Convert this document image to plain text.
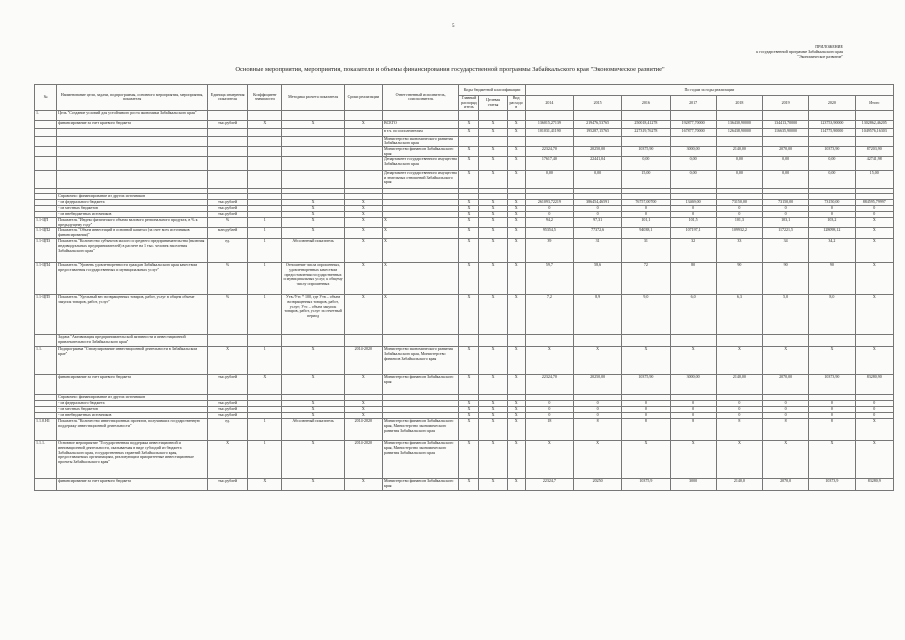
5
ПРИЛОЖЕНИЕ
к государственной программе Забайкальского края
"Экономическое развитие"
Основные мероприятия, мероприятия, показатели и объемы финансирования государственной программы Забайкальского края "Экономическое развитие"
№	Наименование цели, задачи, подпрограммы, основного мероприятия, мероприятия, показателя	Единица измерения показателя	Коэффициент значимости	Методика расчета показателя	Сроки реализации	Ответственный исполнитель, соисполнитель	Коды бюджетной классификации			По годам за годы реализации							
							Главный распорядитель	Целевая статья	Вид расходов	2014	2015	2016	2017	2018	2019	2020	Итого
1.	Цель "Создание условий для устойчивого роста экономики Забайкальского края"																
	финансирование за счет краевого бюджета	тыс.рублей	X	X	X	ВСЕГО	X	X	X	136015,27139	219476,53765	250018,41278	192877,70000	136430,90000	134413,70000	123753,90000	1302862,46205
						в т.ч. по исполнителям	X	X	X	101031,41190	195287,15765	227319,76278	167877,70000	126438,90000	116635,90000	114775,90000	1049576,16303
						Министерство экономического развития Забайкальского края											
						Министерство финансов Забайкальского края	X	X	X	22324,70	20250,00	10375,90	3000,00	2140,00	2070,00	10373,90	87203,90
						Департамент государственного имущества Забайкальского края	X	X	X	17617,40	22441,04	0,00	0,00	0,00	0,00	0,00	42741,98
						Департамент государственного имущества и земельных отношений Забайкальского края	X	X	X	0,00	0,00	15,00	0,00	0,00	0,00	0,00	15,00

	Справочно: финансирование из других источников																
	- из федерального бюджета	тыс.рублей		X	X		X	X	X	261093,72219	386454,46591	76757,00700	13469,00	73150,00	73150,00	73150,00	884595,79997
	- из местных бюджетов	тыс.рублей		X	X		X	X	X	0	0	0	0	0	0	0	0
	- из внебюджетных источников	тыс.рублей		X	X		X	X	X	0	0	0	0	0	0	0	0
1.1-ЦП	Показатель "Индекс физического объема валового регионального продукта, в % к предыдущему году"	%	1	X	X	X	X	X	X	94,2	97,31	101,1	101,5	101,3	103,1	103,2	X
1.1-ЦП2	Показатель "Объем инвестиций в основной капитал (за счет всех источников финансирования)"	млн.рублей	1	X	X	X	X	X	X	95354,5	77372,6	94038,1	107197,1	109932,2	117221,5	128098,12	X
1.1-ЦП3	Показатель "Количество субъектов малого и среднего предпринимательства (включая индивидуальных предпринимателей) в расчете на 1 тыс. человек населения Забайкальского края"	ед.	1	Абсолютный показатель	X	X	X	X	X	39	31	31	32	33	34	34,2	X
1.1-ЦП4	Показатель "Уровень удовлетворенности граждан Забайкальского края качеством предоставления государственных и муниципальных услуг"	%	1	Отношение числа опрошенных, удовлетворенных качеством предоставления государственных и муниципальных услуг, к общему числу опрошенных	X	X	X	X	X	59,7	58,6	72	80	90	90	90	X
1.1-ЦП5	Показатель "Удельный вес возвращенных товаров, работ, услуг в общем объеме закупок товаров, работ, услуг"	%	1	Утв./Утс * 100, где Утв – объем возвращенных товаров, работ, услуг; Утс – объем закупок товаров, работ, услуг за отчетный период	X	X	X	X	X	7,2	8,9	9,0	6,0	6,3	5,0	8,0	X
	Задача "Активизация предпринимательской активности и инвестиционной привлекательности Забайкальского края"																
1.1.	Подпрограмма "Стимулирование инвестиционной деятельности в Забайкальском крае"	X	1	X	2014-2020	Министерство экономического развития Забайкальского края, Министерство финансов Забайкальского края	X	X	X	X	X	X	X	X	X	X	X
	финансирование за счет краевого бюджета	тыс.рублей	X	X	X	Министерство финансов Забайкальского края	X	X	X	22324,70	20250,00	10375,90	3000,00	2140,00	2070,00	10373,90	83280,90
	Справочно: финансирование из других источников																
	- из федерального бюджета	тыс.рублей		X	X		X	X	X	0	0	0	0	0	0	0	0
	- из местных бюджетов	тыс.рублей		X	X		X	X	X	0	0	0	0	0	0	0	0
	- из внебюджетных источников	тыс.рублей		X	X		X	X	X	0	0	0	0	0	0	0	0
1.1.0.Н1	Показатель "Количество инвестиционных проектов, получивших государственную поддержку инвестиционной деятельности"	ед.	1	Абсолютный показатель	2014-2020	Министерство финансов Забайкальского края, Министерство экономического развития Забайкальского края	X	X	X	18	8	8	8	8	8	8	X
1.1.1.	Основное мероприятие "Государственная поддержка инвестиционной и инновационной деятельности, оказываемая в виде субсидий из бюджета Забайкальского края, государственных гарантий Забайкальского края, предоставляемых организациям, реализующим приоритетные инвестиционные проекты Забайкальского края"	X	1	X	2014-2020	Министерство финансов Забайкальского края, Министерство экономического развития Забайкальского края	X	X	X	X	X	X	X	X	X	X	X
	финансирование за счет краевого бюджета	тыс.рублей	X	X	X	Министерство финансов Забайкальского края	X	X	X	22324,7	20250	10375,9	3000	2140,0	2070,0	10373,9	83280,9
